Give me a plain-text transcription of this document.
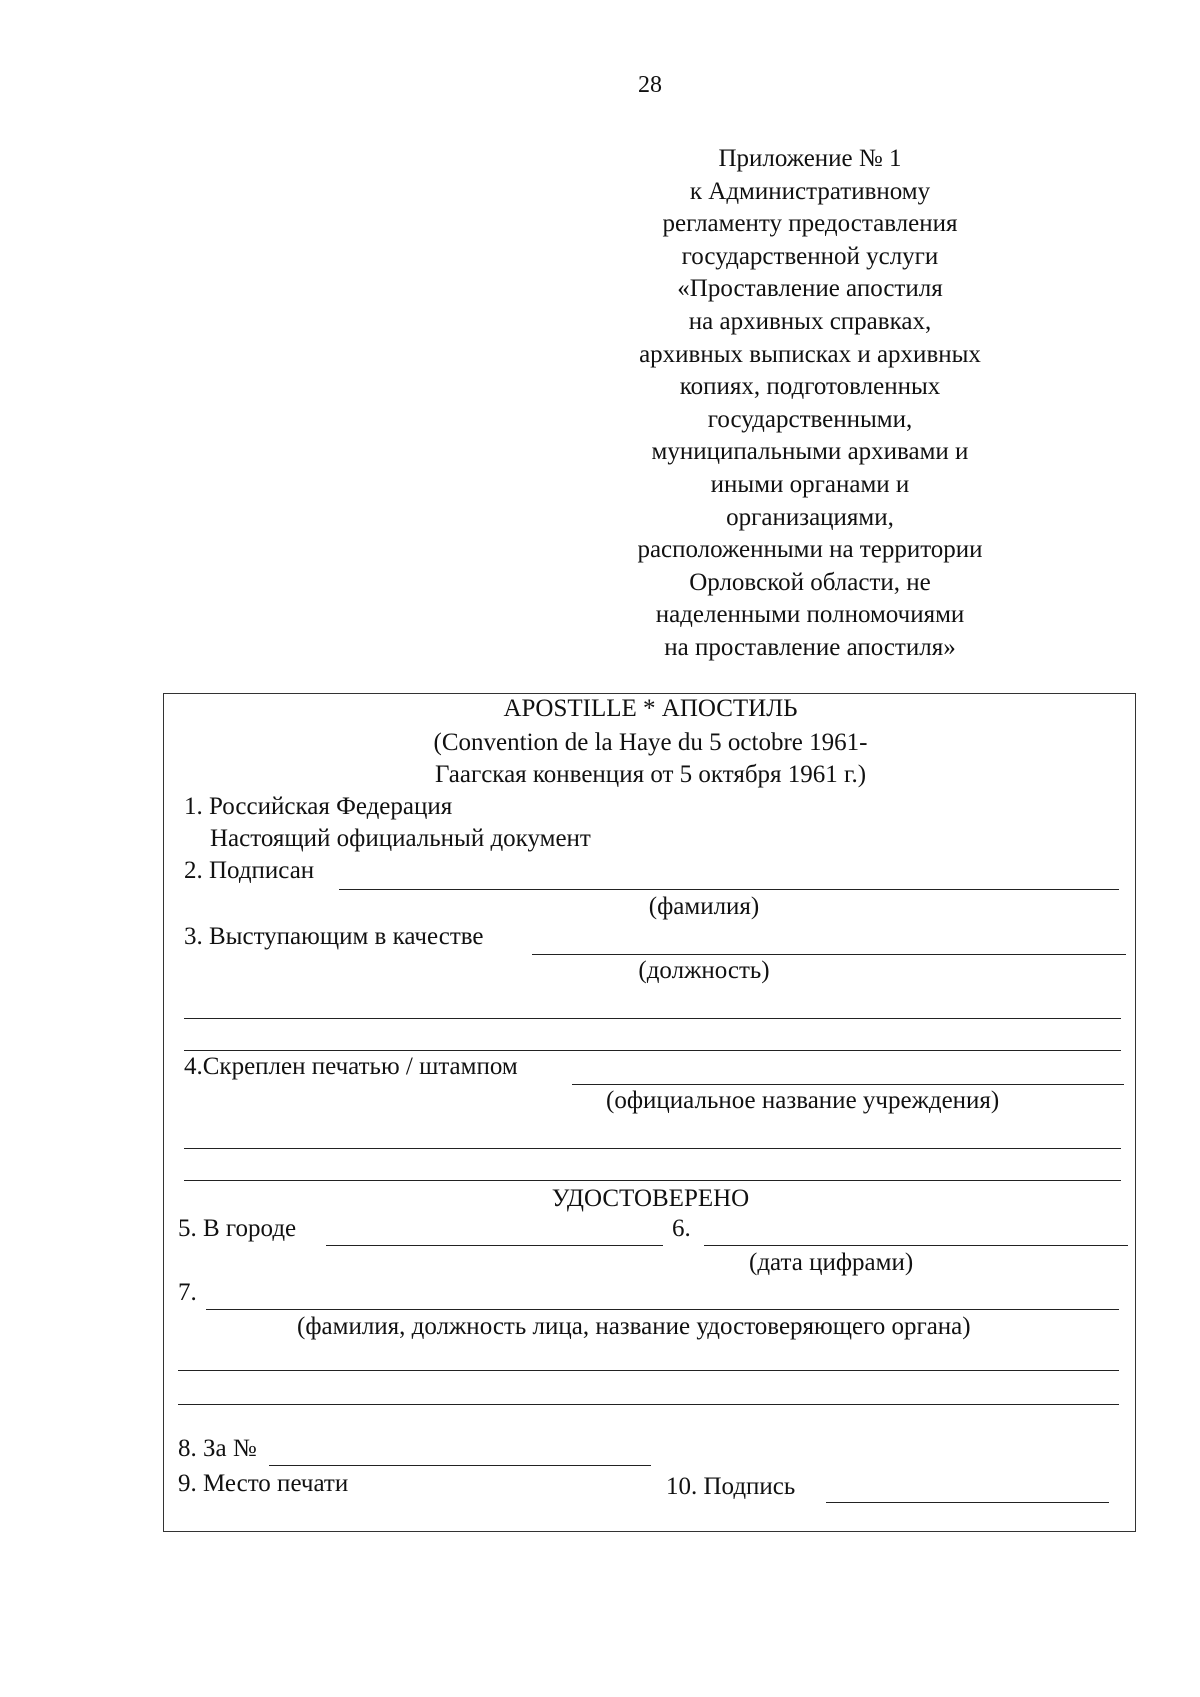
28
Приложение № 1
к Административному
регламенту предоставления
государственной услуги
«Проставление апостиля
на архивных справках,
архивных выписках и архивных
копиях, подготовленных
государственными,
муниципальными архивами и
иными органами и
организациями,
расположенными на территории
Орловской области, не
наделенными полномочиями
на проставление апостиля»
APOSTILLE * АПОСТИЛЬ
(Convention de la Haye du 5 octobre 1961-
Гаагская конвенция от 5 октября 1961 г.)
1. Российская Федерация
Настоящий официальный документ
2. Подписан
(фамилия)
3. Выступающим в качестве
(должность)
4.Скреплен печатью / штампом
(официальное название учреждения)
УДОСТОВЕРЕНО
5. В городе	6.
(дата цифрами)
7.
(фамилия, должность лица, название удостоверяющего органа)
8. За №
9. Место печати	10. Подпись
